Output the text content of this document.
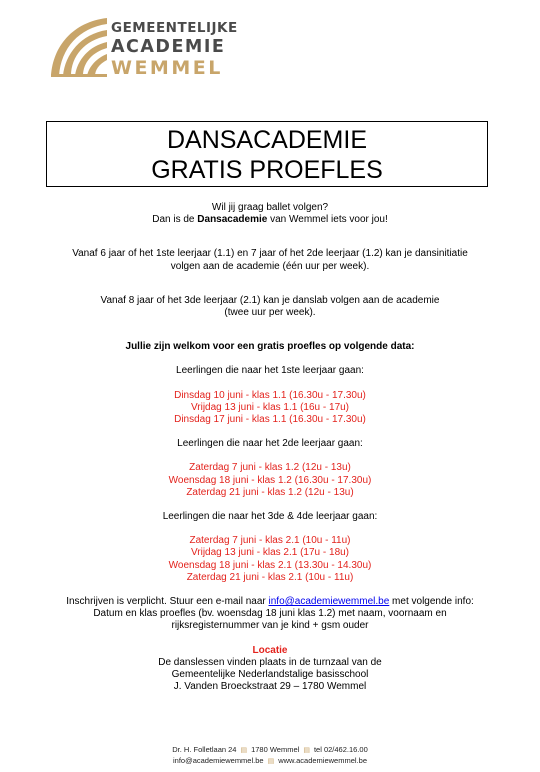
GEMEENTELIJKE
ACADEMIE
WEMMEL
DANSACADEMIE
GRATIS PROEFLES

Wil jij graag ballet volgen?

Dan is de Dansacademie van Wemmel iets voor jou!

Vanaf 6 jaar of het 1ste leerjaar (1.1) en 7 jaar of het 2de leerjaar (1.2) kan je dansinitiatie

volgen aan de academie (één uur per week).

Vanaf 8 jaar of het 3de leerjaar (2.1) kan je danslab volgen aan de academie

(twee uur per week).

Jullie zijn welkom voor een gratis proefles op volgende data:

Leerlingen die naar het 1ste leerjaar gaan:

Dinsdag 10 juni - klas 1.1 (16.30u - 17.30u)

Vrijdag 13 juni - klas 1.1 (16u - 17u)

Dinsdag 17 juni - klas 1.1 (16.30u - 17.30u)

Leerlingen die naar het 2de leerjaar gaan:

Zaterdag 7 juni - klas 1.2 (12u - 13u)

Woensdag 18 juni - klas 1.2 (16.30u - 17.30u)

Zaterdag 21 juni - klas 1.2 (12u - 13u)

Leerlingen die naar het 3de & 4de leerjaar gaan:

Zaterdag 7 juni - klas 2.1 (10u - 11u)

Vrijdag 13 juni - klas 2.1 (17u - 18u)

Woensdag 18 juni - klas 2.1 (13.30u - 14.30u)

Zaterdag 21 juni - klas 2.1 (10u - 11u)

Inschrijven is verplicht. Stuur een e-mail naar info@academiewemmel.be met volgende info:

Datum en klas proefles (bv. woensdag 18 juni klas 1.2) met naam, voornaam en

rijksregisternummer van je kind + gsm ouder

Locatie

De danslessen vinden plaats in de turnzaal van de

Gemeentelijke Nederlandstalige basisschool

J. Vanden Broeckstraat 29 – 1780 Wemmel

Dr. H. Folletlaan 24 ▤ 1780 Wemmel ▤ tel 02/462.16.00
info@academiewemmel.be ▤ www.academiewemmel.be
